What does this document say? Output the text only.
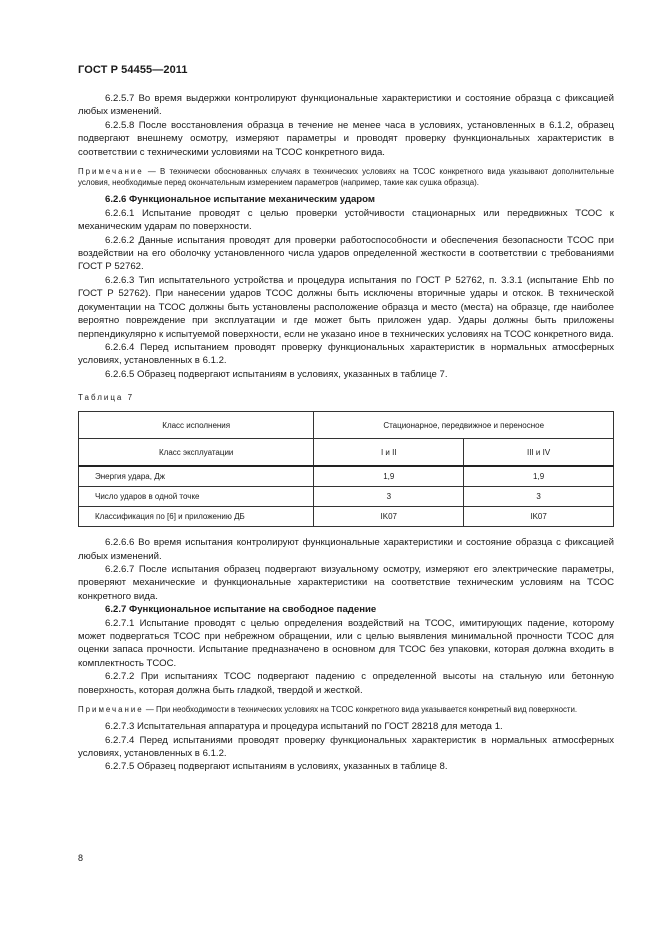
ГОСТ Р 54455—2011

6.2.5.7 Во время выдержки контролируют функциональные характеристики и состояние образца с фиксацией любых изменений.

6.2.5.8 После восстановления образца в течение не менее часа в условиях, установленных в 6.1.2, образец подвергают внешнему осмотру, измеряют параметры и проводят проверку функциональных характеристик в соответствии с техническими условиями на ТСОС конкретного вида.

Примечание — В технически обоснованных случаях в технических условиях на ТСОС конкретного вида указывают дополнительные условия, необходимые перед окончательным измерением параметров (например, такие как сушка образца).

6.2.6 Функциональное испытание механическим ударом

6.2.6.1 Испытание проводят с целью проверки устойчивости стационарных или передвижных ТСОС к механическим ударам по поверхности.

6.2.6.2 Данные испытания проводят для проверки работоспособности и обеспечения безопасности ТСОС при воздействии на его оболочку установленного числа ударов определенной жесткости в соответствии с требованиями ГОСТ Р 52762.

6.2.6.3 Тип испытательного устройства и процедура испытания по ГОСТ Р 52762, п. 3.3.1 (испытание Ehb по ГОСТ Р 52762). При нанесении ударов ТСОС должны быть исключены вторичные удары и отскок. В технической документации на ТСОС должны быть установлены расположение образца и место (места) на образце, где наиболее вероятно повреждение при эксплуатации и где может быть приложен удар. Удары должны быть приложены перпендикулярно к испытуемой поверхности, если не указано иное в технических условиях на ТСОС конкретного вида.

6.2.6.4 Перед испытанием проводят проверку функциональных характеристик в нормальных атмосферных условиях, установленных в 6.1.2.

6.2.6.5 Образец подвергают испытаниям в условиях, указанных в таблице 7.

Таблица 7
Класс исполнения	Стационарное, передвижное и переносное	
Класс эксплуатации	I и II	III и IV
Энергия удара, Дж	1,9	1,9
Число ударов в одной точке	3	3
Классификация по [6] и приложению ДБ	IK07	IK07

6.2.6.6 Во время испытания контролируют функциональные характеристики и состояние образца с фиксацией любых изменений.

6.2.6.7 После испытания образец подвергают визуальному осмотру, измеряют его электрические параметры, проверяют механические и функциональные характеристики на соответствие техническим условиям на ТСОС конкретного вида.

6.2.7 Функциональное испытание на свободное падение

6.2.7.1 Испытание проводят с целью определения воздействий на ТСОС, имитирующих падение, которому может подвергаться ТСОС при небрежном обращении, или с целью выявления минимальной прочности ТСОС для оценки запаса прочности. Испытание предназначено в основном для ТСОС без упаковки, которая должна входить в комплектность ТСОС.

6.2.7.2 При испытаниях ТСОС подвергают падению с определенной высоты на стальную или бетонную поверхность, которая должна быть гладкой, твердой и жесткой.

Примечание — При необходимости в технических условиях на ТСОС конкретного вида указывается конкретный вид поверхности.

6.2.7.3 Испытательная аппаратура и процедура испытаний по ГОСТ 28218 для метода 1.

6.2.7.4 Перед испытаниями проводят проверку функциональных характеристик в нормальных атмосферных условиях, установленных в 6.1.2.

6.2.7.5 Образец подвергают испытаниям в условиях, указанных в таблице 8.

8
